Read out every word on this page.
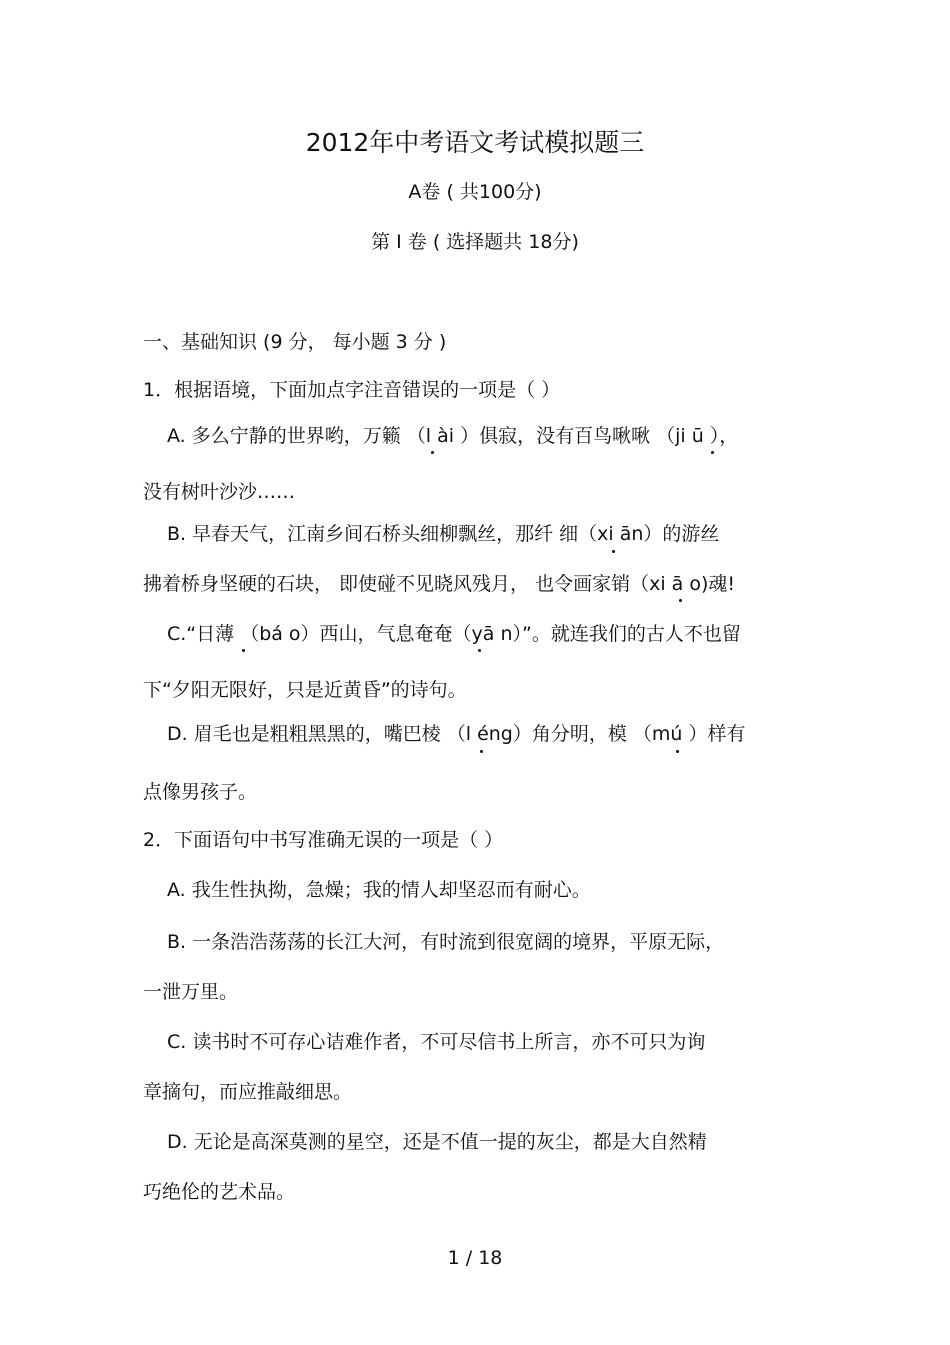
2012年中考语文考试模拟题三
A卷 ( 共100分)
第 I 卷 ( 选择题共 18分)
一、基础知识 (9 分， 每小题 3 分 )
1．根据语境，下面加点字注音错误的一项是（ ）
A. 多么宁静的世界哟，万籁 （l ài ）俱寂，没有百鸟啾啾 （ji ū ），
没有树叶沙沙……
B. 早春天气，江南乡间石桥头细柳飘丝，那纤 细（xi ān）的游丝
拂着桥身坚硬的石块， 即使碰不见晓风残月， 也令画家销（xi ā o)魂!
C.“日薄 （bá o）西山，气息奄奄（yā n）”。就连我们的古人不也留
下“夕阳无限好，只是近黄昏”的诗句。
D. 眉毛也是粗粗黑黑的，嘴巴棱 （l éng）角分明，模 （mú ）样有
点像男孩子。
2．下面语句中书写准确无误的一项是（ ）
A. 我生性执拗，急燥；我的情人却坚忍而有耐心。
B. 一条浩浩荡荡的长江大河，有时流到很宽阔的境界，平原无际，
一泄万里。
C. 读书时不可存心诘难作者，不可尽信书上所言，亦不可只为询
章摘句，而应推敲细思。
D. 无论是高深莫测的星空，还是不值一提的灰尘，都是大自然精
巧绝伦的艺术品。
1 / 18
